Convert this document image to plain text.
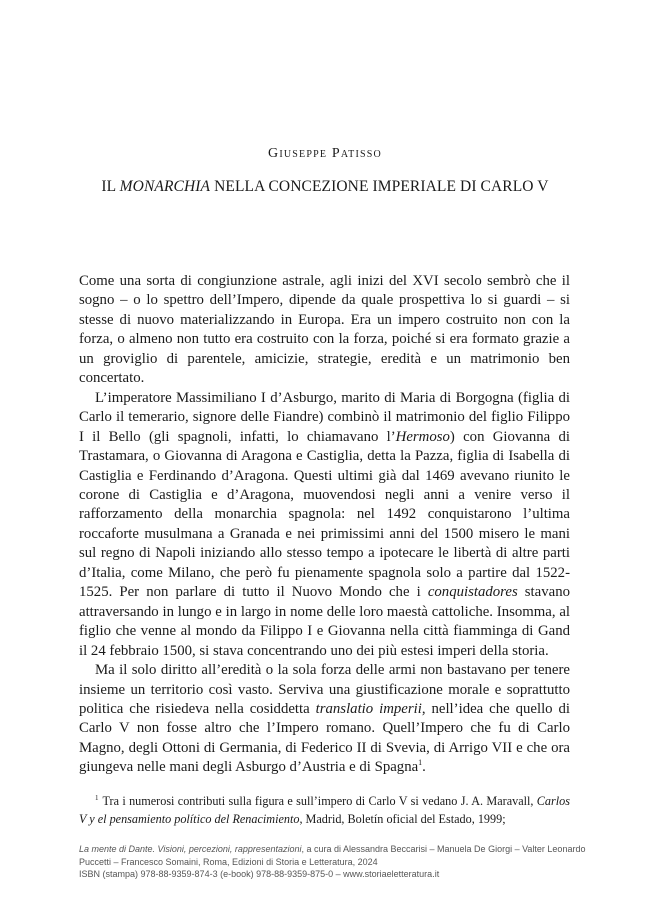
Giuseppe Patisso
IL MONARCHIA NELLA CONCEZIONE IMPERIALE DI CARLO V

Come una sorta di congiunzione astrale, agli inizi del XVI secolo sembrò che il sogno – o lo spettro dell’Impero, dipende da quale prospettiva lo si guardi – si stesse di nuovo materializzando in Europa. Era un impero costruito non con la forza, o almeno non tutto era costruito con la forza, poiché si era formato grazie a un groviglio di parentele, amicizie, strategie, eredità e un matrimonio ben concertato.

L’imperatore Massimiliano I d’Asburgo, marito di Maria di Borgogna (figlia di Carlo il temerario, signore delle Fiandre) combinò il matrimonio del figlio Filippo I il Bello (gli spagnoli, infatti, lo chiamavano l’Hermoso) con Giovanna di Trastamara, o Giovanna di Aragona e Castiglia, detta la Pazza, figlia di Isabella di Castiglia e Ferdinando d’Aragona. Questi ultimi già dal 1469 avevano riunito le corone di Castiglia e d’Aragona, muovendosi negli anni a venire verso il rafforzamento della monarchia spagnola: nel 1492 conquistarono l’ultima roccaforte musulmana a Granada e nei primissimi anni del 1500 misero le mani sul regno di Napoli iniziando allo stesso tempo a ipotecare le libertà di altre parti d’Italia, come Milano, che però fu pienamente spagnola solo a partire dal 1522-1525. Per non parlare di tutto il Nuovo Mondo che i conquistadores stavano attraversando in lungo e in largo in nome delle loro maestà cattoliche. Insomma, al figlio che venne al mondo da Filippo I e Giovanna nella città fiamminga di Gand il 24 febbraio 1500, si stava concentrando uno dei più estesi imperi della storia.

Ma il solo diritto all’eredità o la sola forza delle armi non bastavano per tenere insieme un territorio così vasto. Serviva una giustificazione morale e soprattutto politica che risiedeva nella cosiddetta translatio imperii, nell’idea che quello di Carlo V non fosse altro che l’Impero romano. Quell’Impero che fu di Carlo Magno, degli Ottoni di Germania, di Federico II di Svevia, di Arrigo VII e che ora giungeva nelle mani degli Asburgo d’Austria e di Spagna$^1$.

$^1$ Tra i numerosi contributi sulla figura e sull’impero di Carlo V si vedano J. A. Maravall, Carlos V y el pensamiento político del Renacimiento, Madrid, Boletín oficial del Estado, 1999;
La mente di Dante. Visioni, percezioni, rappresentazioni, a cura di Alessandra Beccarisi – Manuela De Giorgi – Valter Leonardo
Puccetti – Francesco Somaini, Roma, Edizioni di Storia e Letteratura, 2024
ISBN (stampa) 978-88-9359-874-3 (e-book) 978-88-9359-875-0 – www.storiaeletteratura.it
